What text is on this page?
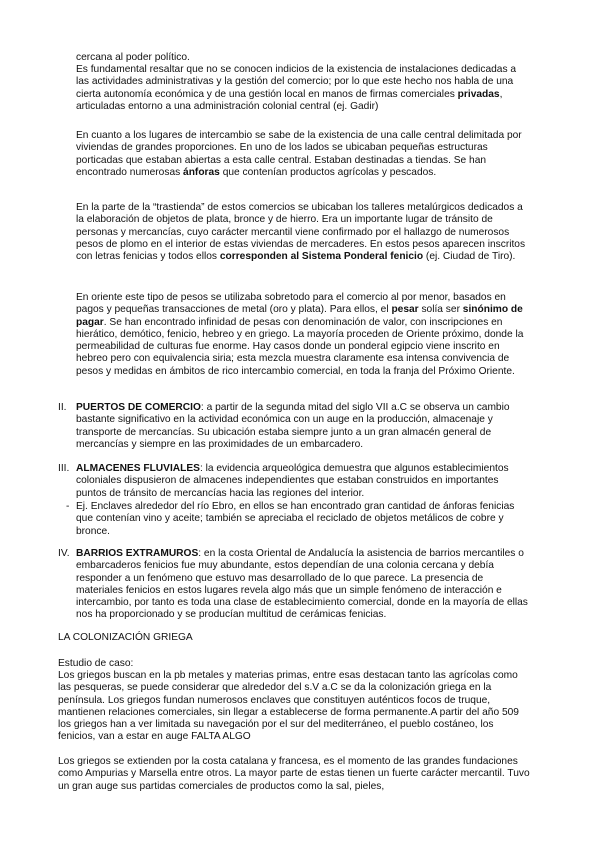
cercana al poder político.

Es fundamental resaltar que no se conocen indicios de la existencia de instalaciones dedicadas a las actividades administrativas y la gestión del comercio; por lo que este hecho nos habla de una cierta autonomía económica y de una gestión local en manos de firmas comerciales privadas, articuladas entorno a una administración colonial central (ej. Gadir)

En cuanto a los lugares de intercambio se sabe de la existencia de una calle central delimitada por viviendas de grandes proporciones. En uno de los lados se ubicaban pequeñas estructuras porticadas que estaban abiertas a esta calle central. Estaban destinadas a tiendas. Se han encontrado numerosas ánforas que contenían productos agrícolas y pescados.

En la parte de la “trastienda” de estos comercios se ubicaban los talleres metalúrgicos dedicados a la elaboración de objetos de plata, bronce y de hierro. Era un importante lugar de tránsito de personas y mercancías, cuyo carácter mercantil viene confirmado por el hallazgo de numerosos pesos de plomo en el interior de estas viviendas de mercaderes. En estos pesos aparecen inscritos con letras fenicias y todos ellos corresponden al Sistema Ponderal fenicio (ej. Ciudad de Tiro).

En oriente este tipo de pesos se utilizaba sobretodo para el comercio al por menor, basados en pagos y pequeñas transacciones de metal (oro y plata). Para ellos, el pesar solía ser sinónimo de pagar. Se han encontrado infinidad de pesas con denominación de valor, con inscripciones en hierático, demótico, fenicio, hebreo y en griego. La mayoría proceden de Oriente próximo, donde la permeabilidad de culturas fue enorme. Hay casos donde un ponderal egipcio viene inscrito en hebreo pero con equivalencia siria; esta mezcla muestra claramente esa intensa convivencia de pesos y medidas en ámbitos de rico intercambio comercial, en toda la franja del Próximo Oriente.

II. PUERTOS DE COMERCIO: a partir de la segunda mitad del siglo VII a.C se observa un cambio bastante significativo en la actividad económica con un auge en la producción, almacenaje y transporte de mercancías. Su ubicación estaba siempre junto a un gran almacén general de mercancías y siempre en las proximidades de un embarcadero.

III. ALMACENES FLUVIALES: la evidencia arqueológica demuestra que algunos establecimientos coloniales dispusieron de almacenes independientes que estaban construidos en importantes puntos de tránsito de mercancías hacia las regiones del interior.

- Ej. Enclaves alrededor del río Ebro, en ellos se han encontrado gran cantidad de ánforas fenicias que contenían vino y aceite; también se apreciaba el reciclado de objetos metálicos de cobre y bronce.

IV. BARRIOS EXTRAMUROS: en la costa Oriental de Andalucía la asistencia de barrios mercantiles o embarcaderos fenicios fue muy abundante, estos dependían de una colonia cercana y debía responder a un fenómeno que estuvo mas desarrollado de lo que parece. La presencia de materiales fenicios en estos lugares revela algo más que un simple fenómeno de interacción e intercambio, por tanto es toda una clase de establecimiento comercial, donde en la mayoría de ellas nos ha proporcionado y se producían multitud de cerámicas fenicias.

LA COLONIZACIÓN GRIEGA
Estudio de caso:

Los griegos buscan en la pb metales y materias primas, entre esas destacan tanto las agrícolas como las pesqueras, se puede considerar que alrededor del s.V a.C se da la colonización griega en la península. Los griegos fundan numerosos enclaves que constituyen auténticos focos de truque, mantienen relaciones comerciales, sin llegar a establecerse de forma permanente.A partir del año 509 los griegos han a ver limitada su navegación por el sur del mediterráneo, el pueblo costáneo, los fenicios, van a estar en auge FALTA ALGO

Los griegos se extienden por la costa catalana y francesa, es el momento de las grandes fundaciones como Ampurias y Marsella entre otros. La mayor parte de estas tienen un fuerte carácter mercantil. Tuvo un gran auge sus partidas comerciales de productos como la sal, pieles,
